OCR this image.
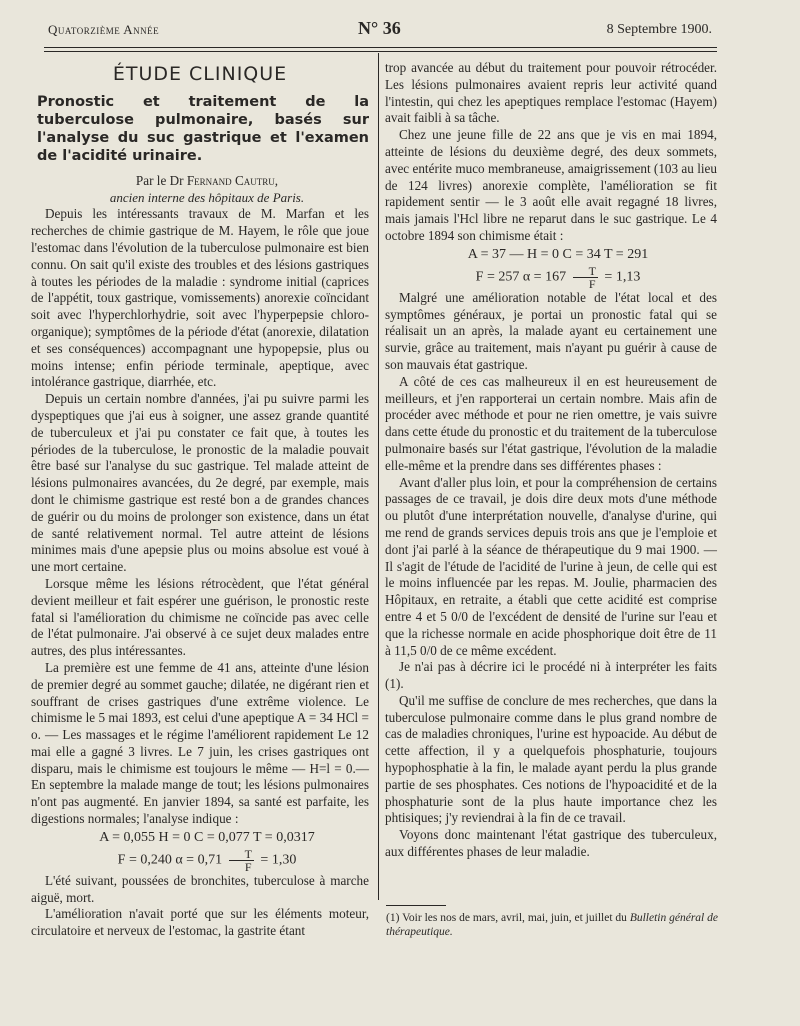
Quatorzième Année	N° 36	8 Septembre 1900.
ÉTUDE CLINIQUE
Pronostic et traitement de la tuberculose pulmonaire, basés sur l'analyse du suc gastrique et l'examen de l'acidité urinaire.

Par le Dr Fernand Cautru,

ancien interne des hôpitaux de Paris.

Depuis les intéressants travaux de M. Marfan et les recherches de chimie gastrique de M. Hayem, le rôle que joue l'estomac dans l'évolution de la tuberculose pulmonaire est bien connu. On sait qu'il existe des troubles et des lésions gastriques à toutes les périodes de la maladie : syndrome initial (caprices de l'appétit, toux gastrique, vomissements) anorexie coïncidant soit avec l'hyperchlorhydrie, soit avec l'hyperpepsie chloro-organique); symptômes de la période d'état (anorexie, dilatation et ses conséquences) accompagnant une hypopepsie, plus ou moins intense; enfin période terminale, apeptique, avec intolérance gastrique, diarrhée, etc.

Depuis un certain nombre d'années, j'ai pu suivre parmi les dyspeptiques que j'ai eus à soigner, une assez grande quantité de tuberculeux et j'ai pu constater ce fait que, à toutes les périodes de la tuberculose, le pronostic de la maladie pouvait être basé sur l'analyse du suc gastrique. Tel malade atteint de lésions pulmonaires avancées, du 2e degré, par exemple, mais dont le chimisme gastrique est resté bon a de grandes chances de guérir ou du moins de prolonger son existence, dans un état de santé relativement normal. Tel autre atteint de lésions minimes mais d'une apepsie plus ou moins absolue est voué à une mort certaine.

Lorsque même les lésions rétrocèdent, que l'état général devient meilleur et fait espérer une guérison, le pronostic reste fatal si l'amélioration du chimisme ne coïncide pas avec celle de l'état pulmonaire. J'ai observé à ce sujet deux malades entre autres, des plus intéressantes.

La première est une femme de 41 ans, atteinte d'une lésion de premier degré au sommet gauche; dilatée, ne digérant rien et souffrant de crises gastriques d'une extrême violence. Le chimisme le 5 mai 1893, est celui d'une apeptique A = 34 HCl = o. — Les massages et le régime l'améliorent rapidement Le 12 mai elle a gagné 3 livres. Le 7 juin, les crises gastriques ont disparu, mais le chimisme est toujours le même — H=l = 0.—En septembre la malade mange de tout; les lésions pulmonaires n'ont pas augmenté. En janvier 1894, sa santé est parfaite, les digestions normales; l'analyse indique :

A = 0,055 H = 0 C = 0,077 T = 0,0317

F = 0,240 $\alpha = 0,71 \frac{T}{F} = 1,30$

L'été suivant, poussées de bronchites, tuberculose à marche aiguë, mort.

L'amélioration n'avait porté que sur les éléments moteur, circulatoire et nerveux de l'estomac, la gastrite étant

trop avancée au début du traitement pour pouvoir rétrocéder. Les lésions pulmonaires avaient repris leur activité quand l'intestin, qui chez les apeptiques remplace l'estomac (Hayem) avait faibli à sa tâche.

Chez une jeune fille de 22 ans que je vis en mai 1894, atteinte de lésions du deuxième degré, des deux sommets, avec entérite muco membraneuse, amaigrissement (103 au lieu de 124 livres) anorexie complète, l'amélioration se fit rapidement sentir — le 3 août elle avait regagné 18 livres, mais jamais l'Hcl libre ne reparut dans le suc gastrique. Le 4 octobre 1894 son chimisme était :

A = 37 — H = 0 C = 34 T = 291

F = 257 $\alpha = 167 \frac{T}{F} = 1,13$

Malgré une amélioration notable de l'état local et des symptômes généraux, je portai un pronostic fatal qui se réalisait un an après, la malade ayant eu certainement une survie, grâce au traitement, mais n'ayant pu guérir à cause de son mauvais état gastrique.

A côté de ces cas malheureux il en est heureusement de meilleurs, et j'en rapporterai un certain nombre. Mais afin de procéder avec méthode et pour ne rien omettre, je vais suivre dans cette étude du pronostic et du traitement de la tuberculose pulmonaire basés sur l'état gastrique, l'évolution de la maladie elle-même et la prendre dans ses différentes phases :

Avant d'aller plus loin, et pour la compréhension de certains passages de ce travail, je dois dire deux mots d'une méthode ou plutôt d'une interprétation nouvelle, d'analyse d'urine, qui me rend de grands services depuis trois ans que je l'emploie et dont j'ai parlé à la séance de thérapeutique du 9 mai 1900. — Il s'agit de l'étude de l'acidité de l'urine à jeun, de celle qui est le moins influencée par les repas. M. Joulie, pharmacien des Hôpitaux, en retraite, a établi que cette acidité est comprise entre 4 et 5 0/0 de l'excédent de densité de l'urine sur l'eau et que la richesse normale en acide phosphorique doit être de 11 à 11,5 0/0 de ce même excédent.

Je n'ai pas à décrire ici le procédé ni à interpréter les faits (1).

Qu'il me suffise de conclure de mes recherches, que dans la tuberculose pulmonaire comme dans le plus grand nombre de cas de maladies chroniques, l'urine est hypoacide. Au début de cette affection, il y a quelquefois phosphaturie, toujours hypophosphatie à la fin, le malade ayant perdu la plus grande partie de ses phosphates. Ces notions de l'hypoacidité et de la phosphaturie sont de la plus haute importance chez les phtisiques; j'y reviendrai à la fin de ce travail.

Voyons donc maintenant l'état gastrique des tuberculeux, aux différentes phases de leur maladie.

(1) Voir les nos de mars, avril, mai, juin, et juillet du Bulletin général de thérapeutique.
